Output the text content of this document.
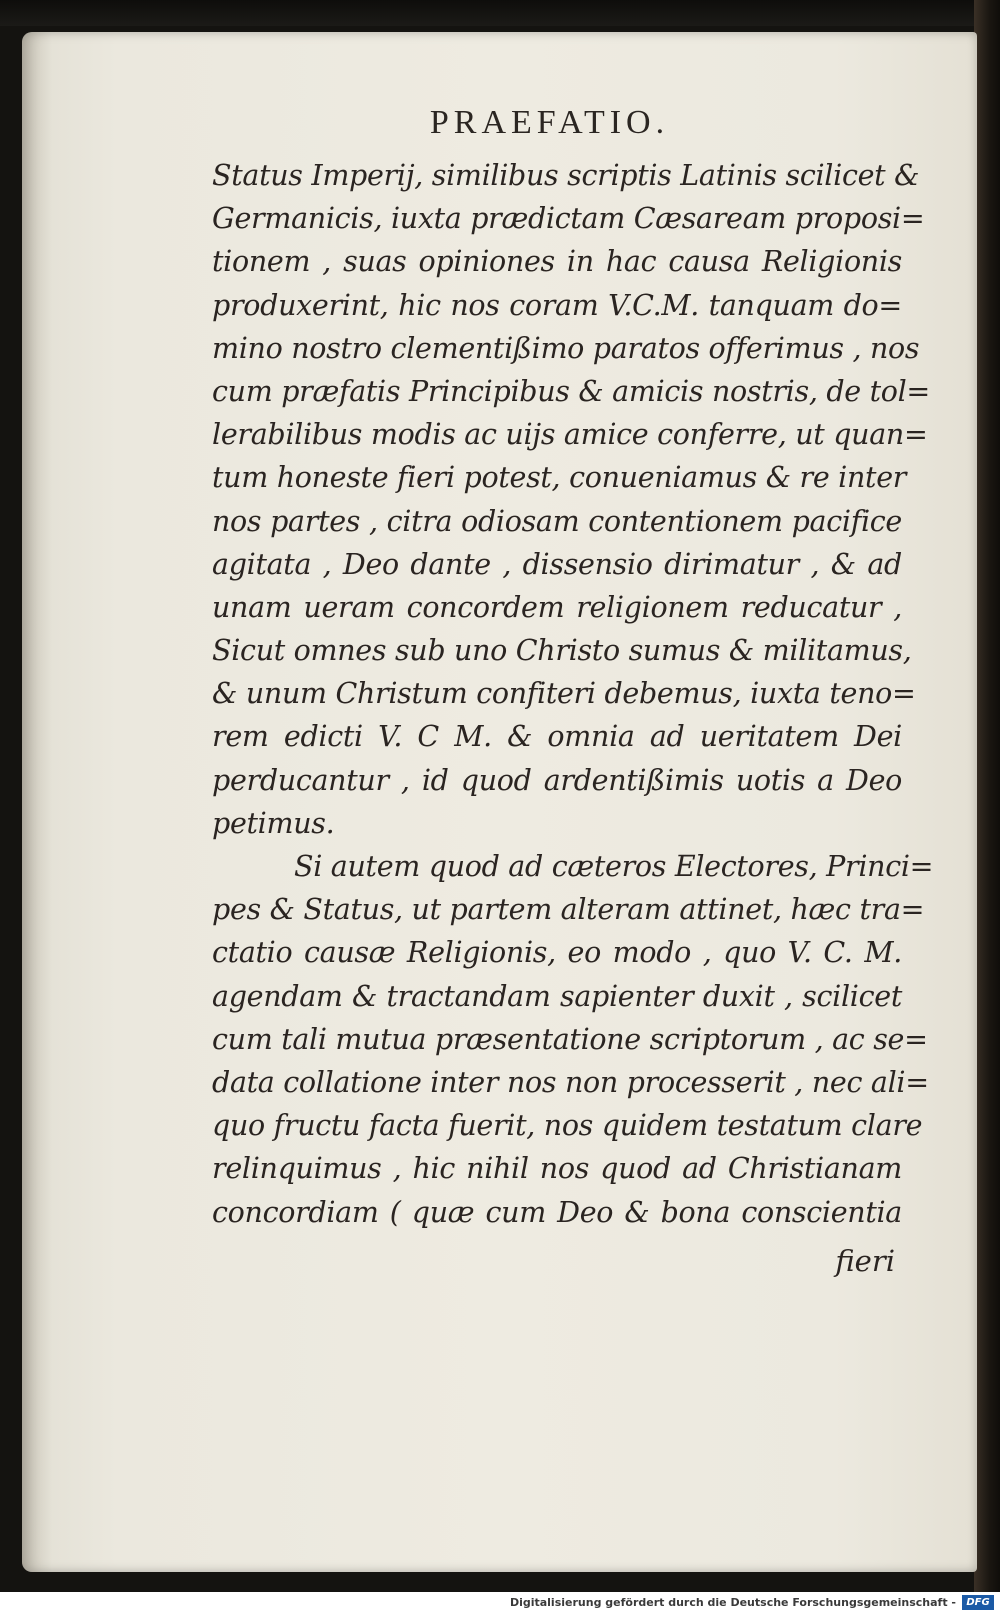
PRAEFATIO.
Status Imperij, similibus scriptis Latinis scilicet &
Germanicis, iuxta prædictam Cæsaream proposi=
tionem , suas opiniones in hac causa Religionis
produxerint, hic nos coram V.C.M. tanquam do=
mino nostro clementißimo paratos offerimus , nos
cum præfatis Principibus & amicis nostris, de tol=
lerabilibus modis ac uijs amice conferre, ut quan=
tum honeste fieri potest, conueniamus & re inter
nos partes , citra odiosam contentionem pacifice
agitata , Deo dante , dissensio dirimatur , & ad
unam ueram concordem religionem reducatur ,
Sicut omnes sub uno Christo sumus & militamus,
& unum Christum confiteri debemus, iuxta teno=
rem edicti V. C M. & omnia ad ueritatem Dei
perducantur , id quod ardentißimis uotis a Deo
petimus.
Si autem quod ad cæteros Electores, Princi=
pes & Status, ut partem alteram attinet, hæc tra=
ctatio causæ Religionis, eo modo , quo V. C. M.
agendam & tractandam sapienter duxit , scilicet
cum tali mutua præsentatione scriptorum , ac se=
data collatione inter nos non processerit , nec ali=
quo fructu facta fuerit, nos quidem testatum clare
relinquimus , hic nihil nos quod ad Christianam
concordiam ( quæ cum Deo & bona conscientia
fieri
Digitalisierung gefördert durch die Deutsche Forschungsgemeinschaft -	DFG
